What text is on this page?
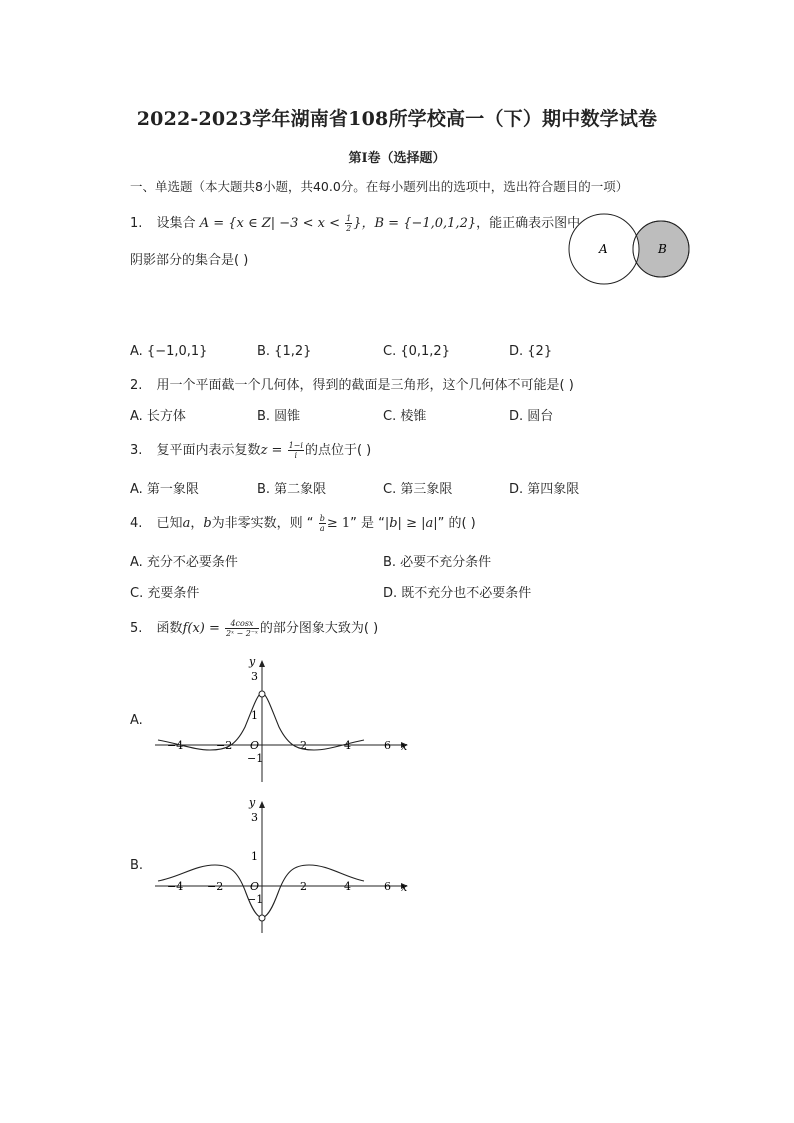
2022-2023学年湖南省108所学校高一（下）期中数学试卷
第I卷（选择题）
一、单选题（本大题共8小题，共40.0分。在每小题列出的选项中，选出符合题目的一项）
1. 设集合 A = {x ∈ $Z| -3 < x < \frac{1}{2}$ }，B = {−1,0,1,2}，能正确表示图中
阴影部分的集合是( )
A	B
A. {−1,0,1}	B. {1,2}	C. {0,1,2}	D. {2}
2. 用一个平面截一个几何体，得到的截面是三角形，这个几何体不可能是( )
A. 长方体	B. 圆锥	C. 棱锥	D. 圆台
3. 复平面内表示复数$z = \frac{1-i}{i}$ 的点位于( )
A. 第一象限	B. 第二象限	C. 第三象限	D. 第四象限
4. 已知a，b为非零实数，则 “ $\frac{b}{a} \ge 1$” 是 “|b| ≥ |a|” 的( )
A. 充分不必要条件	B. 必要不充分条件
C. 充要条件	D. 既不充分也不必要条件
5. 函数$f(x) = \frac{4\cos x}{\text{2ˣ − 2⁻ˣ}}$ 的部分图象大致为( )
A.
y
x
O
−4	−2	2	4	6
3
1
−1
B.
y
x
O
−4 −2	2	4	6
3
1
−1
